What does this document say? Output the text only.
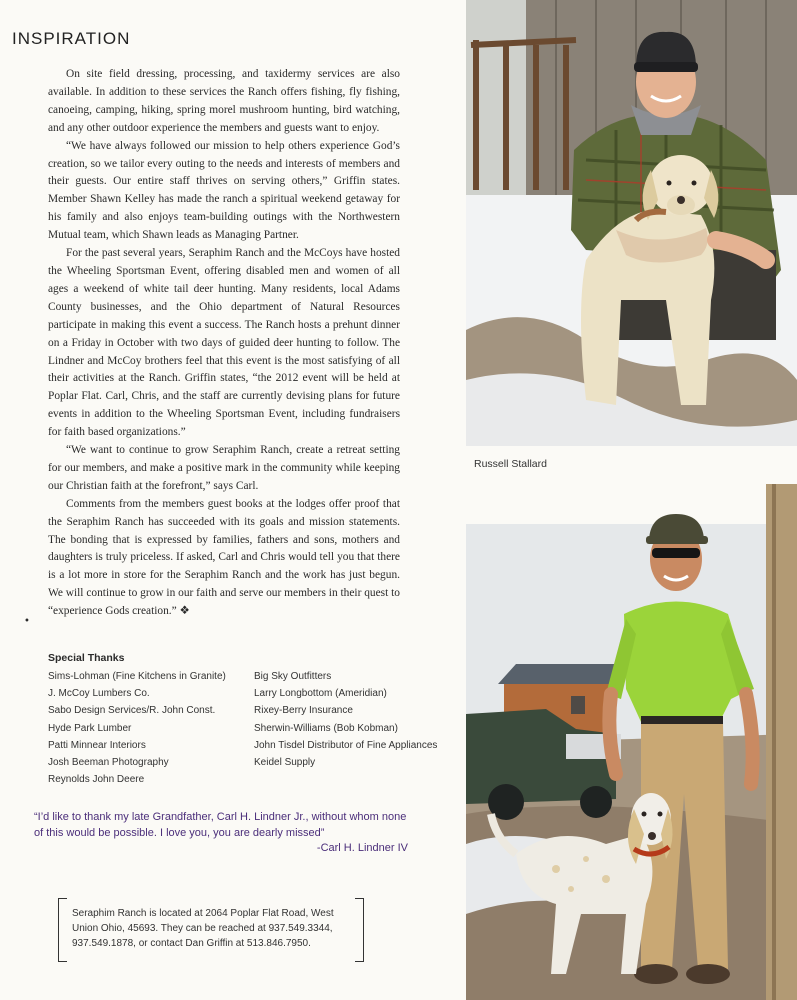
INSPIRATION

On site field dressing, processing, and taxidermy services are also available. In addition to these services the Ranch offers fishing, fly fishing, canoeing, camping, hiking, spring morel mushroom hunting, bird watching, and any other outdoor experience the members and guests want to enjoy.

“We have always followed our mission to help others experience God’s creation, so we tailor every outing to the needs and interests of members and their guests. Our entire staff thrives on serving others,” Griffin states. Member Shawn Kelley has made the ranch a spiritual weekend getaway for his family and also enjoys team-building outings with the Northwestern Mutual team, which Shawn leads as Managing Partner.

For the past several years, Seraphim Ranch and the McCoys have hosted the Wheeling Sportsman Event, offering disabled men and women of all ages a weekend of white tail deer hunting. Many residents, local Adams County businesses, and the Ohio department of Natural Resources participate in making this event a success. The Ranch hosts a prehunt dinner on a Friday in October with two days of guided deer hunting to follow. The Lindner and McCoy brothers feel that this event is the most satisfying of all their activities at the Ranch. Griffin states, “the 2012 event will be held at Poplar Flat. Carl, Chris, and the staff are currently devising plans for future events in addition to the Wheeling Sportsman Event, including fundraisers for faith based organizations.”

“We want to continue to grow Seraphim Ranch, create a retreat setting for our members, and make a positive mark in the community while keeping our Christian faith at the forefront,” says Carl.

Comments from the members guest books at the lodges offer proof that the Seraphim Ranch has succeeded with its goals and mission statements. The bonding that is expressed by families, fathers and sons, mothers and daughters is truly priceless. If asked, Carl and Chris would tell you that there is a lot more in store for the Seraphim Ranch and the work has just begun. We will continue to grow in our faith and serve our members in their quest to “experience Gods creation.” ❖

•
Special Thanks
Sims-Lohman (Fine Kitchens in Granite)
J. McCoy Lumbers Co.
Sabo Design Services/R. John Const.
Hyde Park Lumber
Patti Minnear Interiors
Josh Beeman Photography
Reynolds John Deere
Big Sky Outfitters
Larry Longbottom (Ameridian)
Rixey-Berry Insurance
Sherwin-Williams (Bob Kobman)
John Tisdel Distributor of Fine Appliances
Keidel Supply
“I’d like to thank my late Grandfather, Carl H. Lindner Jr., without whom none of this would be possible. I love you, you are dearly missed”
-Carl H. Lindner IV
Seraphim Ranch is located at 2064 Poplar Flat Road, West Union Ohio, 45693. They can be reached at 937.549.3344, 937.549.1878, or contact Dan Griffin at 513.846.7950.
Russell Stallard
